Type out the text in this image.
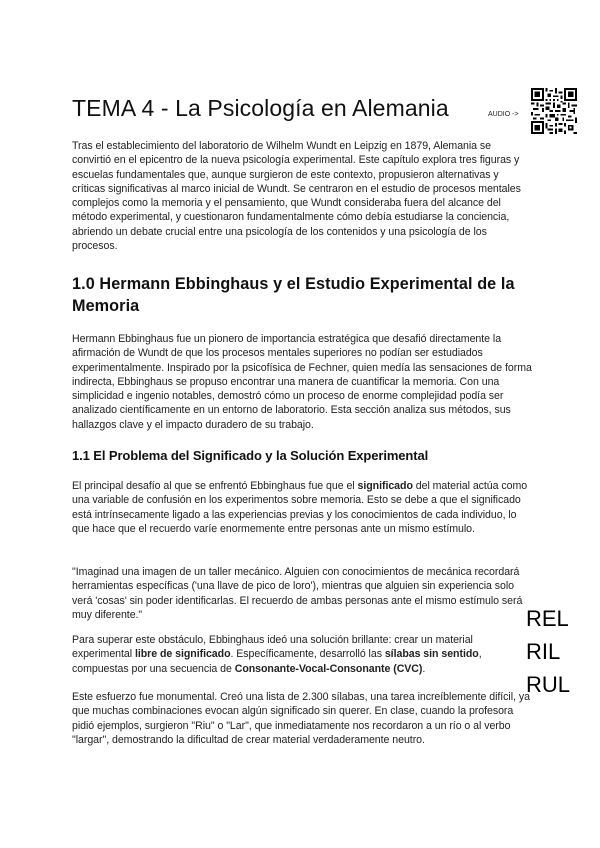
TEMA 4 - La Psicología en Alemania	AUDIO ->

Tras el establecimiento del laboratorio de Wilhelm Wundt en Leipzig en 1879, Alemania se convirtió en el epicentro de la nueva psicología experimental. Este capítulo explora tres figuras y escuelas fundamentales que, aunque surgieron de este contexto, propusieron alternativas y críticas significativas al marco inicial de Wundt. Se centraron en el estudio de procesos mentales complejos como la memoria y el pensamiento, que Wundt consideraba fuera del alcance del método experimental, y cuestionaron fundamentalmente cómo debía estudiarse la conciencia, abriendo un debate crucial entre una psicología de los contenidos y una psicología de los procesos.

1.0 Hermann Ebbinghaus y el Estudio Experimental de la Memoria

Hermann Ebbinghaus fue un pionero de importancia estratégica que desafió directamente la afirmación de Wundt de que los procesos mentales superiores no podían ser estudiados experimentalmente. Inspirado por la psicofísica de Fechner, quien medía las sensaciones de forma indirecta, Ebbinghaus se propuso encontrar una manera de cuantificar la memoria. Con una simplicidad e ingenio notables, demostró cómo un proceso de enorme complejidad podía ser analizado científicamente en un entorno de laboratorio. Esta sección analiza sus métodos, sus hallazgos clave y el impacto duradero de su trabajo.

1.1 El Problema del Significado y la Solución Experimental

El principal desafío al que se enfrentó Ebbinghaus fue que el significado del material actúa como una variable de confusión en los experimentos sobre memoria. Esto se debe a que el significado está intrínsecamente ligado a las experiencias previas y los conocimientos de cada individuo, lo que hace que el recuerdo varíe enormemente entre personas ante un mismo estímulo.

"Imaginad una imagen de un taller mecánico. Alguien con conocimientos de mecánica recordará herramientas específicas ('una llave de pico de loro'), mientras que alguien sin experiencia solo verá 'cosas' sin poder identificarlas. El recuerdo de ambas personas ante el mismo estímulo será muy diferente."

Para superar este obstáculo, Ebbinghaus ideó una solución brillante: crear un material experimental libre de significado. Específicamente, desarrolló las sílabas sin sentido, compuestas por una secuencia de Consonante-Vocal-Consonante (CVC).

Este esfuerzo fue monumental. Creó una lista de 2.300 sílabas, una tarea increíblemente difícil, ya que muchas combinaciones evocan algún significado sin querer. En clase, cuando la profesora pidió ejemplos, surgieron "Riu" o "Lar", que inmediatamente nos recordaron a un río o al verbo "largar", demostrando la dificultad de crear material verdaderamente neutro.

REL
RIL
RUL
